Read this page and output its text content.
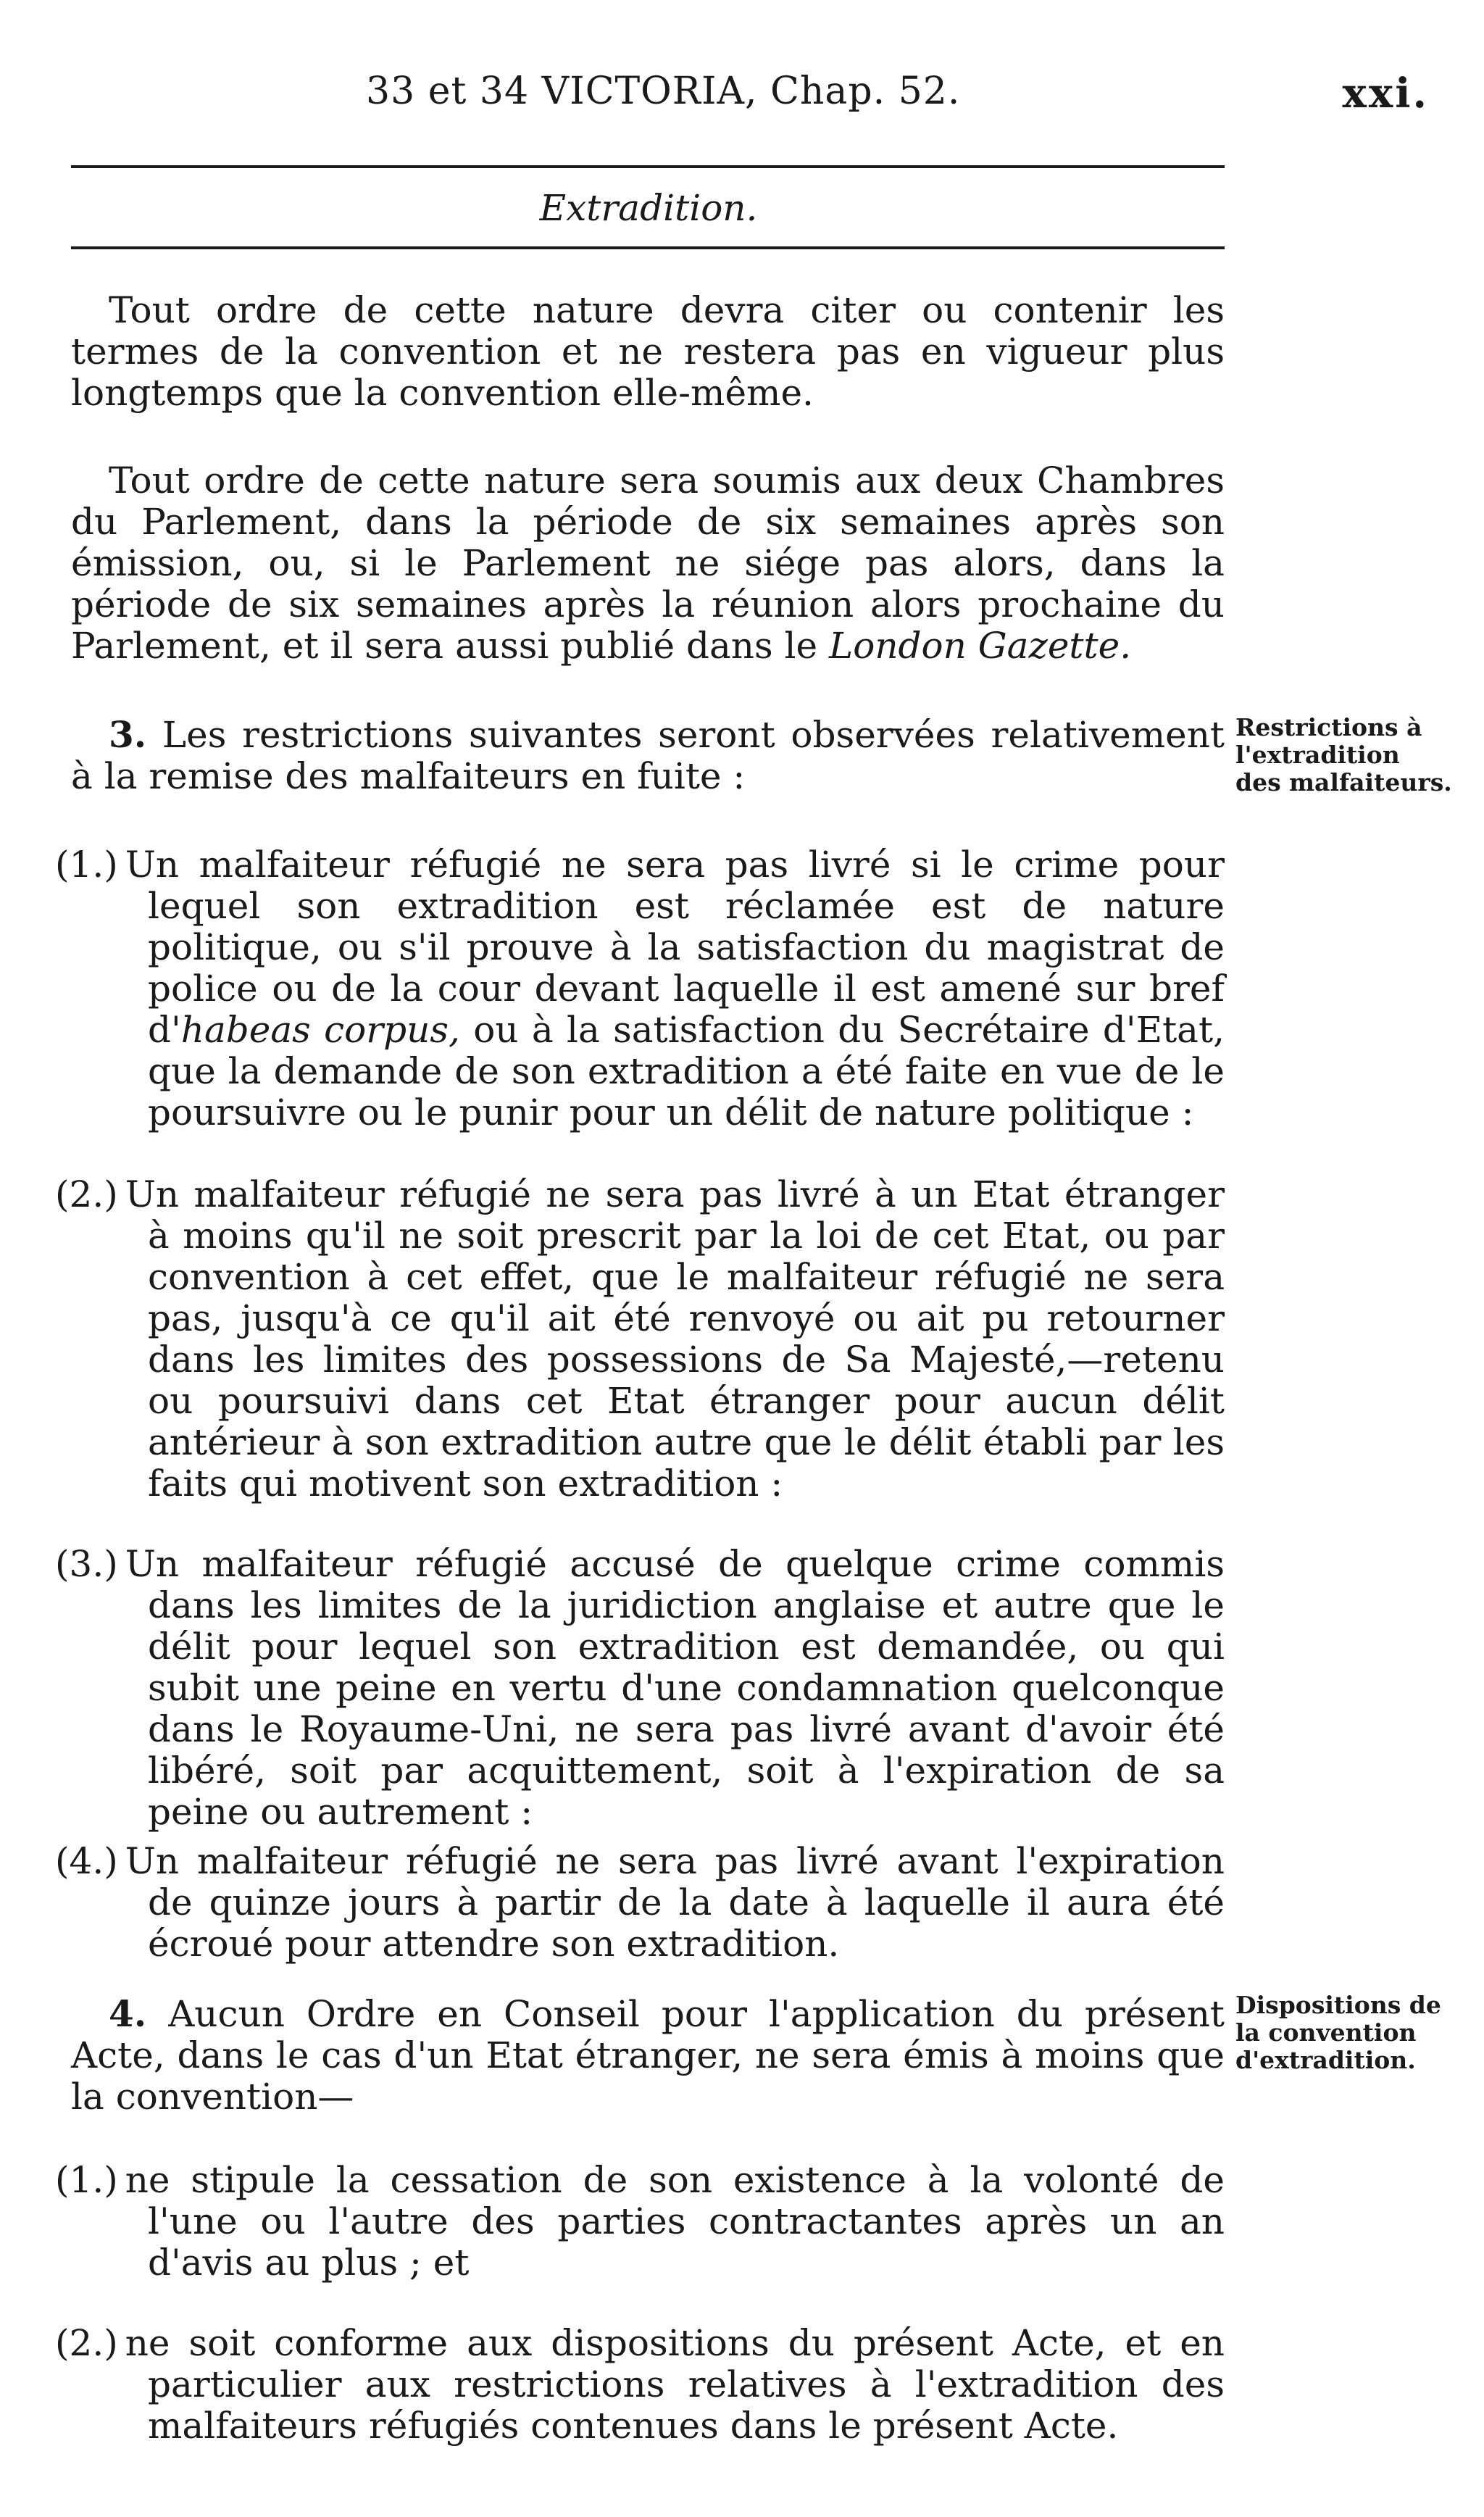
33 et 34 VICTORIA, Chap. 52.	xxi.
Extradition.
Tout ordre de cette nature devra citer ou contenir les termes de la convention et ne restera pas en vigueur plus longtemps que la convention elle-même.
Tout ordre de cette nature sera soumis aux deux Chambres du Parlement, dans la période de six semaines après son émission, ou, si le Parlement ne siége pas alors, dans la période de six semaines après la réunion alors prochaine du Parlement, et il sera aussi publié dans le London Gazette.
3. Les restrictions suivantes seront observées relativement à la remise des malfaiteurs en fuite :
Restrictions à l'extradition des malfaiteurs.
(1.) Un malfaiteur réfugié ne sera pas livré si le crime pour lequel son extradition est réclamée est de nature politique, ou s'il prouve à la satisfaction du magistrat de police ou de la cour devant laquelle il est amené sur bref d'habeas corpus, ou à la satisfaction du Secrétaire d'Etat, que la demande de son extradition a été faite en vue de le poursuivre ou le punir pour un délit de nature politique :
(2.) Un malfaiteur réfugié ne sera pas livré à un Etat étranger à moins qu'il ne soit prescrit par la loi de cet Etat, ou par convention à cet effet, que le malfaiteur réfugié ne sera pas, jusqu'à ce qu'il ait été renvoyé ou ait pu retourner dans les limites des possessions de Sa Majesté,—retenu ou poursuivi dans cet Etat étranger pour aucun délit antérieur à son extradition autre que le délit établi par les faits qui motivent son extradition :
(3.) Un malfaiteur réfugié accusé de quelque crime commis dans les limites de la juridiction anglaise et autre que le délit pour lequel son extradition est demandée, ou qui subit une peine en vertu d'une condamnation quelconque dans le Royaume-Uni, ne sera pas livré avant d'avoir été libéré, soit par acquittement, soit à l'expiration de sa peine ou autrement :
(4.) Un malfaiteur réfugié ne sera pas livré avant l'expiration de quinze jours à partir de la date à laquelle il aura été écroué pour attendre son extradition.
4. Aucun Ordre en Conseil pour l'application du présent Acte, dans le cas d'un Etat étranger, ne sera émis à moins que la convention—
Dispositions de la convention d'extradition.
(1.) ne stipule la cessation de son existence à la volonté de l'une ou l'autre des parties contractantes après un an d'avis au plus ; et
(2.) ne soit conforme aux dispositions du présent Acte, et en particulier aux restrictions relatives à l'extradition des malfaiteurs réfugiés contenues dans le présent Acte.
